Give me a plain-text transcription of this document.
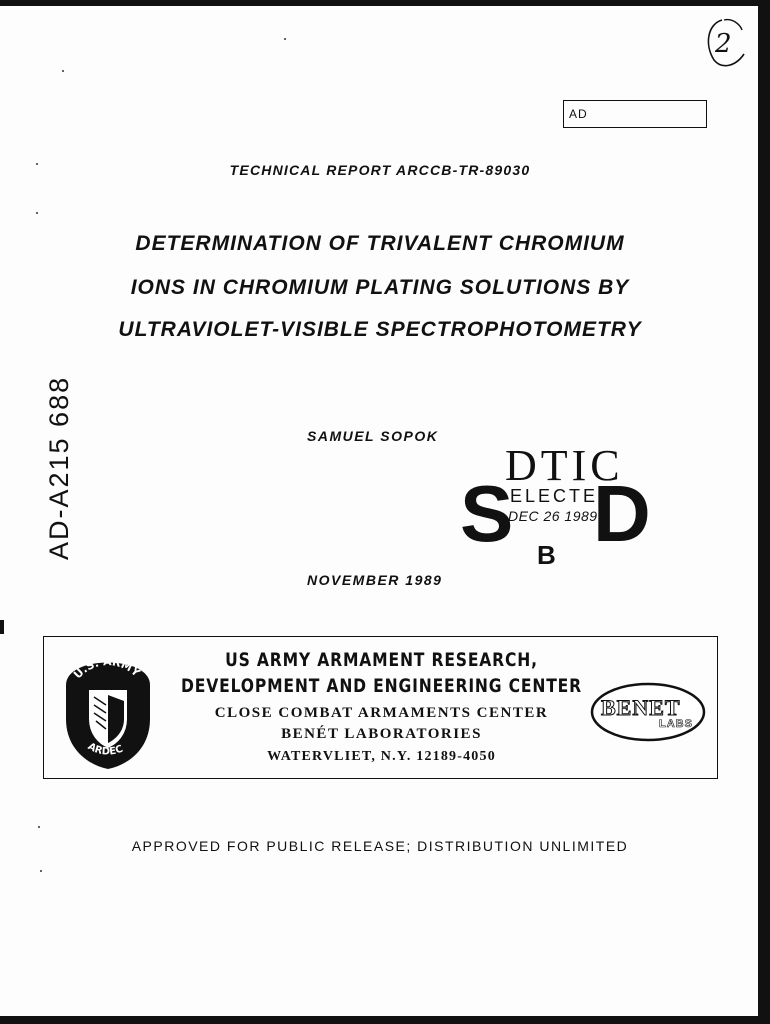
2
AD
TECHNICAL REPORT ARCCB-TR-89030
DETERMINATION OF TRIVALENT CHROMIUM
IONS IN CHROMIUM PLATING SOLUTIONS BY
ULTRAVIOLET-VISIBLE SPECTROPHOTOMETRY
AD-A215 688	SAMUEL SOPOK
DTIC
S
ELECTE
DEC 26 1989
D
B
NOVEMBER 1989
U.S. ARMY
ARDEC
US ARMY ARMAMENT RESEARCH,
DEVELOPMENT AND ENGINEERING CENTER
CLOSE COMBAT ARMAMENTS CENTER
BENÉT LABORATORIES
WATERVLIET, N.Y. 12189-4050
BENET
LABS
APPROVED FOR PUBLIC RELEASE; DISTRIBUTION UNLIMITED
